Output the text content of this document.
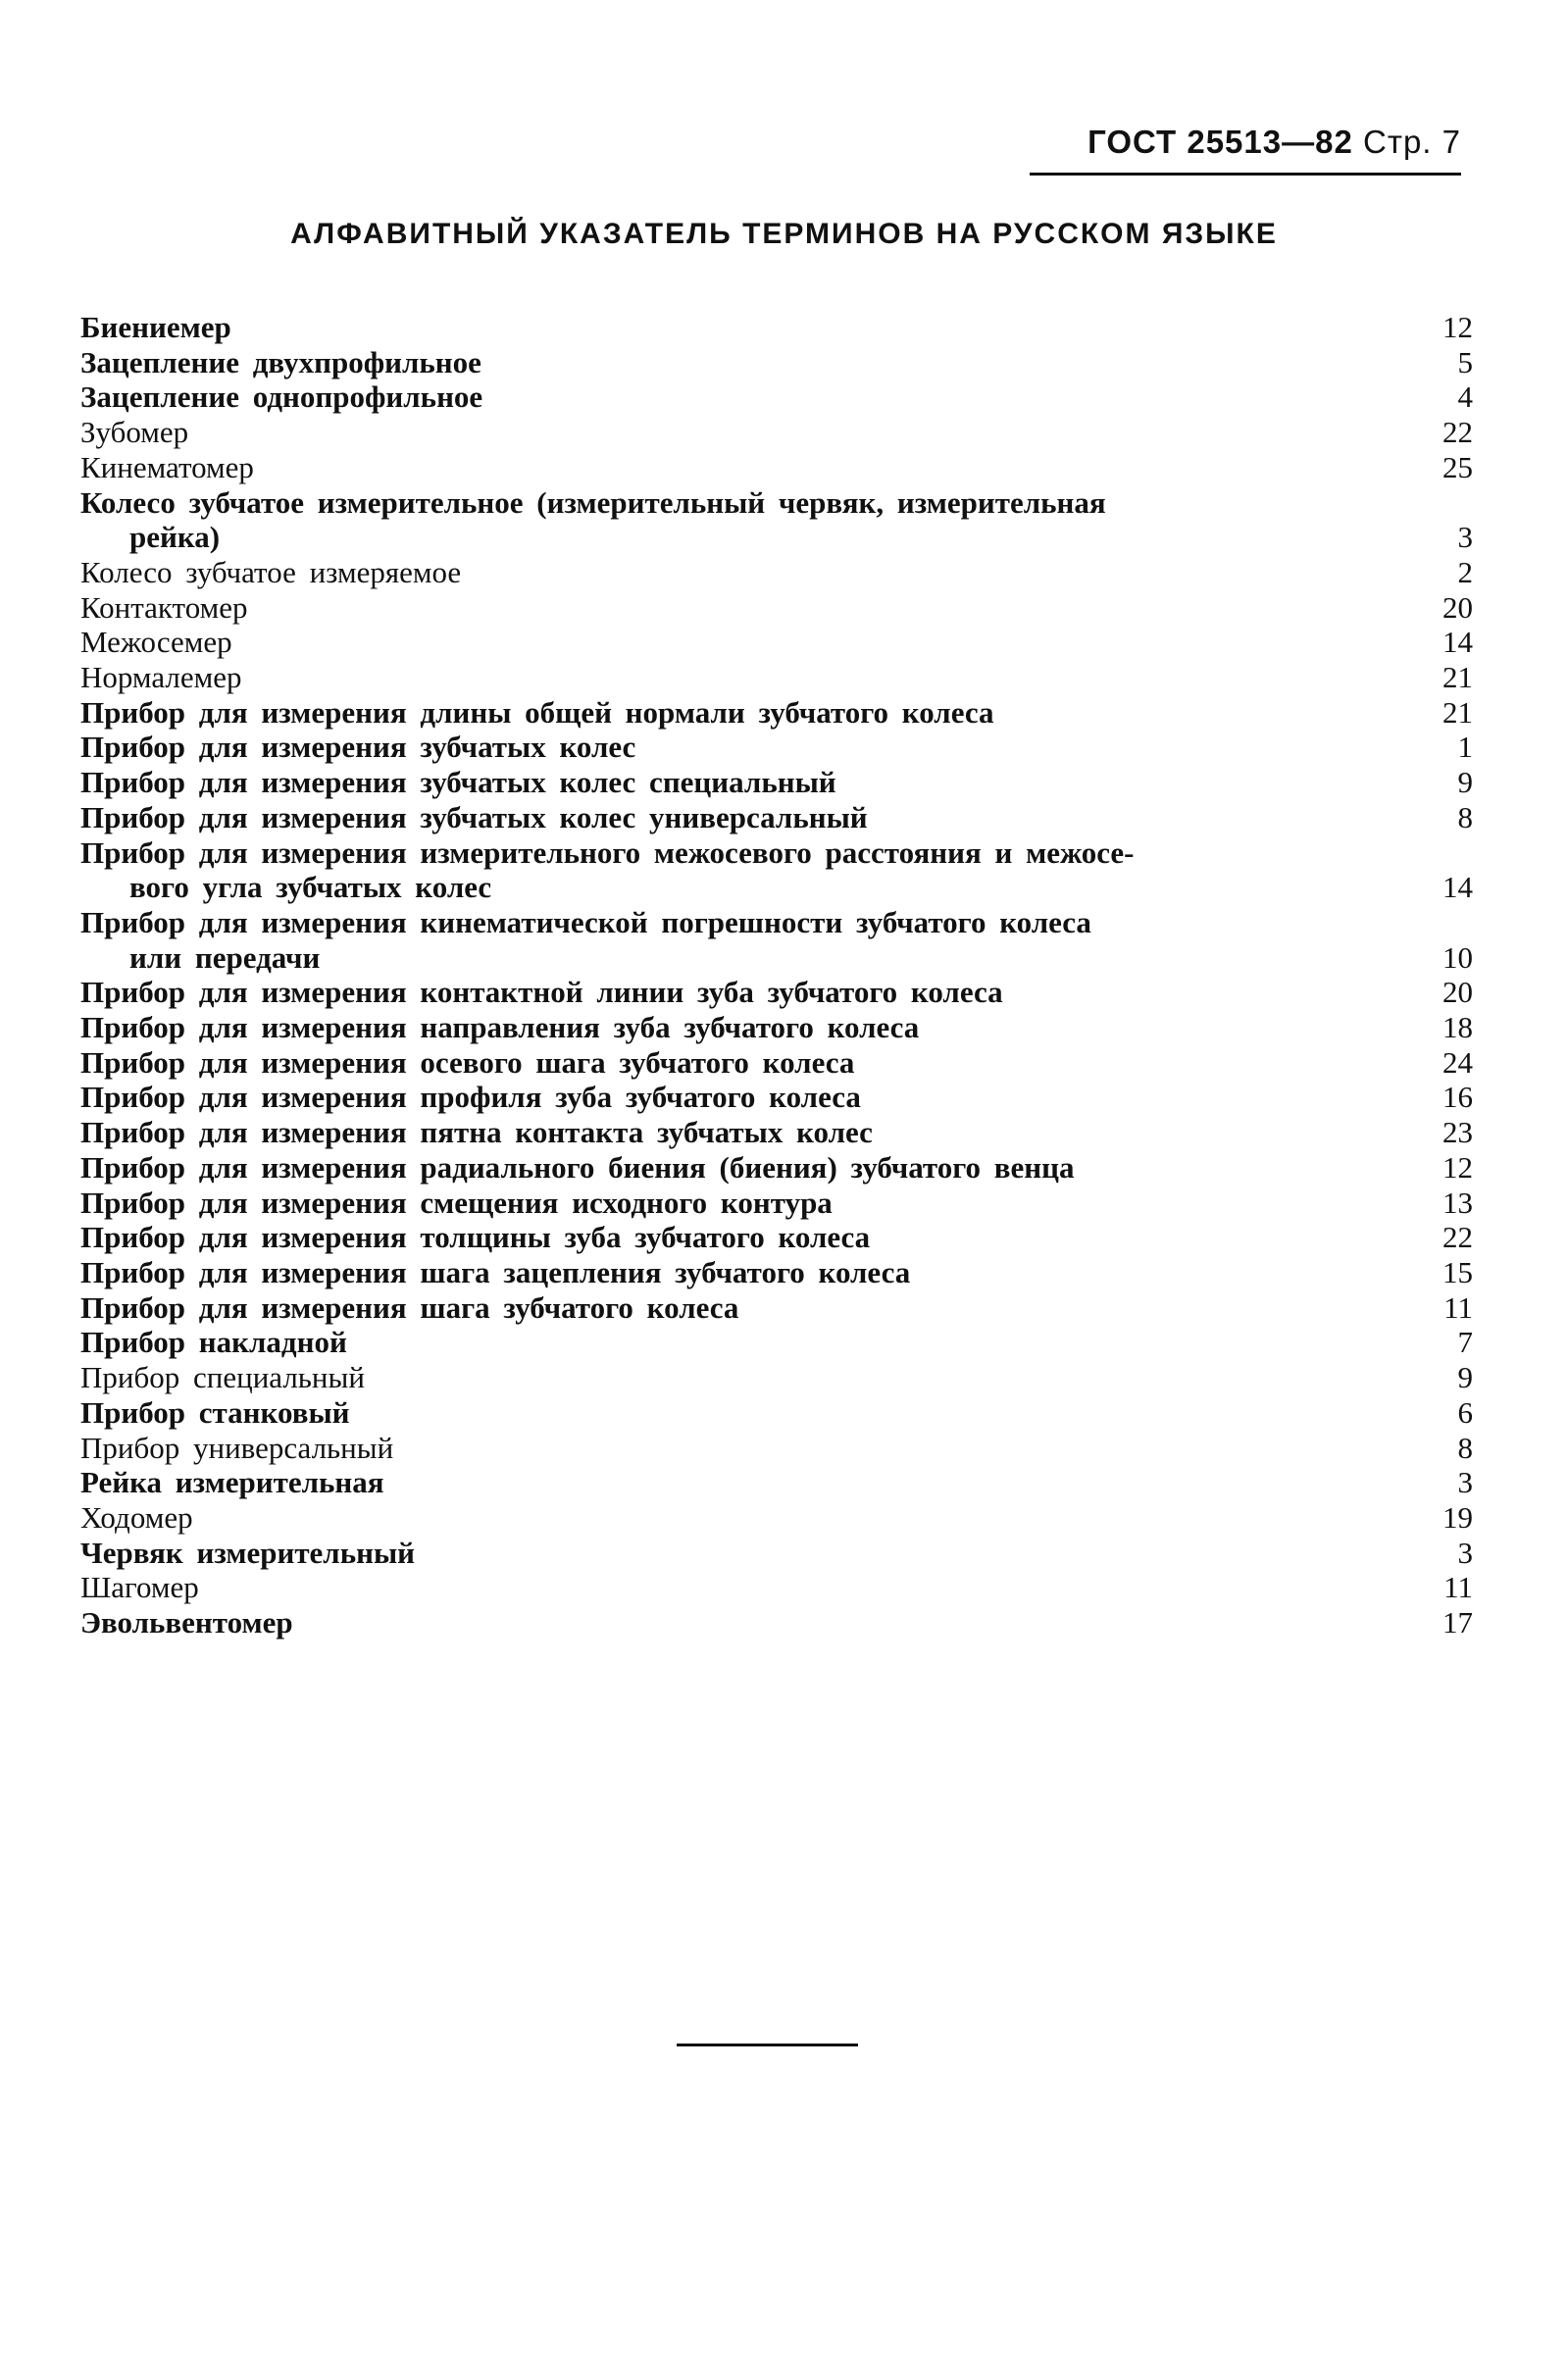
ГОСТ 25513—82 Стр. 7
АЛФАВИТНЫЙ УКАЗАТЕЛЬ ТЕРМИНОВ НА РУССКОМ ЯЗЫКЕ
Биениемер	12
Зацепление двухпрофильное	5
Зацепление однопрофильное	4
Зубомер	22
Кинематомер	25
Колесо зубчатое измерительное (измерительный червяк, измерительная
рейка)	3
Колесо зубчатое измеряемое	2
Контактомер	20
Межосемер	14
Нормалемер	21
Прибор для измерения длины общей нормали зубчатого колеса	21
Прибор для измерения зубчатых колес	1
Прибор для измерения зубчатых колес специальный	9
Прибор для измерения зубчатых колес универсальный	8
Прибор для измерения измерительного межосевого расстояния и межосе-
вого угла зубчатых колес	14
Прибор для измерения кинематической погрешности зубчатого колеса
или передачи	10
Прибор для измерения контактной линии зуба зубчатого колеса	20
Прибор для измерения направления зуба зубчатого колеса	18
Прибор для измерения осевого шага зубчатого колеса	24
Прибор для измерения профиля зуба зубчатого колеса	16
Прибор для измерения пятна контакта зубчатых колес	23
Прибор для измерения радиального биения (биения) зубчатого венца	12
Прибор для измерения смещения исходного контура	13
Прибор для измерения толщины зуба зубчатого колеса	22
Прибор для измерения шага зацепления зубчатого колеса	15
Прибор для измерения шага зубчатого колеса	11
Прибор накладной	7
Прибор специальный	9
Прибор станковый	6
Прибор универсальный	8
Рейка измерительная	3
Ходомер	19
Червяк измерительный	3
Шагомер	11
Эвольвентомер	17
